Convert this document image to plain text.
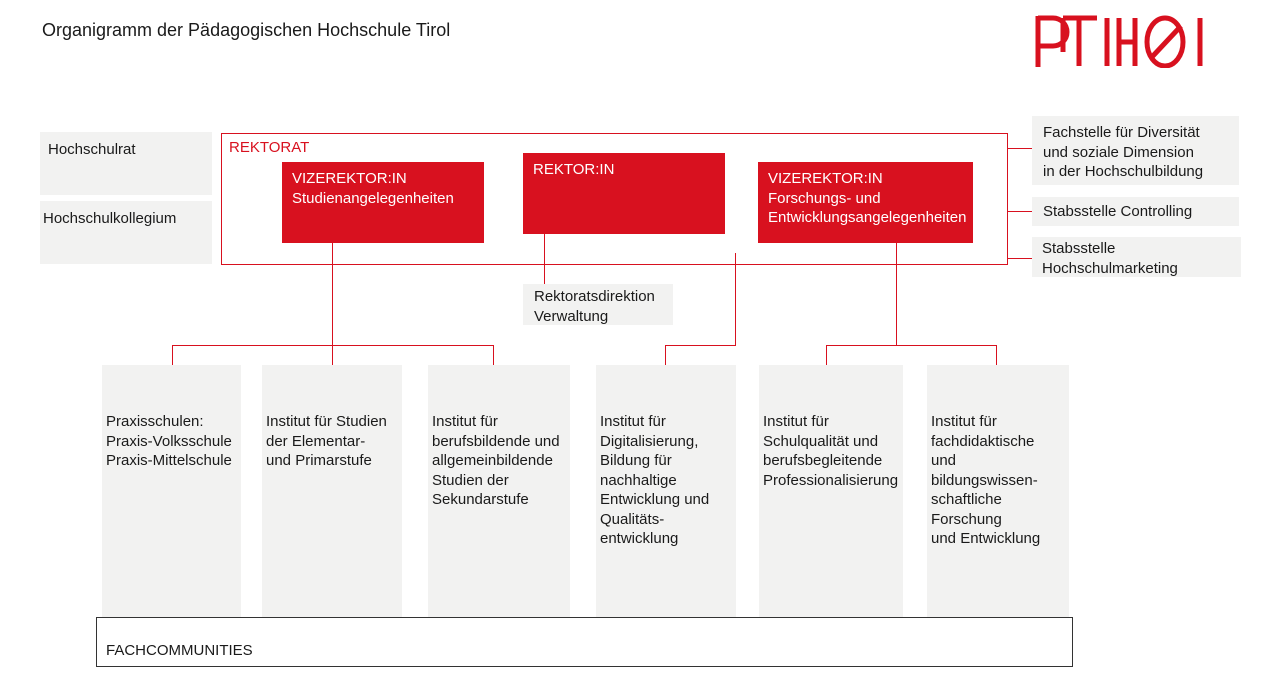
Organigramm der Pädagogischen Hochschule Tirol
Hochschulrat
Hochschulkollegium
REKTORAT
VIZEREKTOR:IN
Studienangelegenheiten
REKTOR:IN
VIZEREKTOR:IN
Forschungs- und
Entwicklungsangelegenheiten
Fachstelle für Diversität
und soziale Dimension
in der Hochschulbildung
Stabsstelle Controlling
Stabsstelle
Hochschulmarketing
Rektoratsdirektion
Verwaltung
Praxisschulen:
Praxis-Volksschule
Praxis-Mittelschule
Institut für Studien
der Elementar-
und Primarstufe
Institut für
berufsbildende und
allgemeinbildende
Studien der
Sekundarstufe
Institut für
Digitalisierung,
Bildung für
nachhaltige
Entwicklung und
Qualitäts-
entwicklung
Institut für
Schulqualität und
berufsbegleitende
Professionalisierung
Institut für
fachdidaktische
und
bildungswissen-
schaftliche
Forschung
und Entwicklung
FACHCOMMUNITIES
